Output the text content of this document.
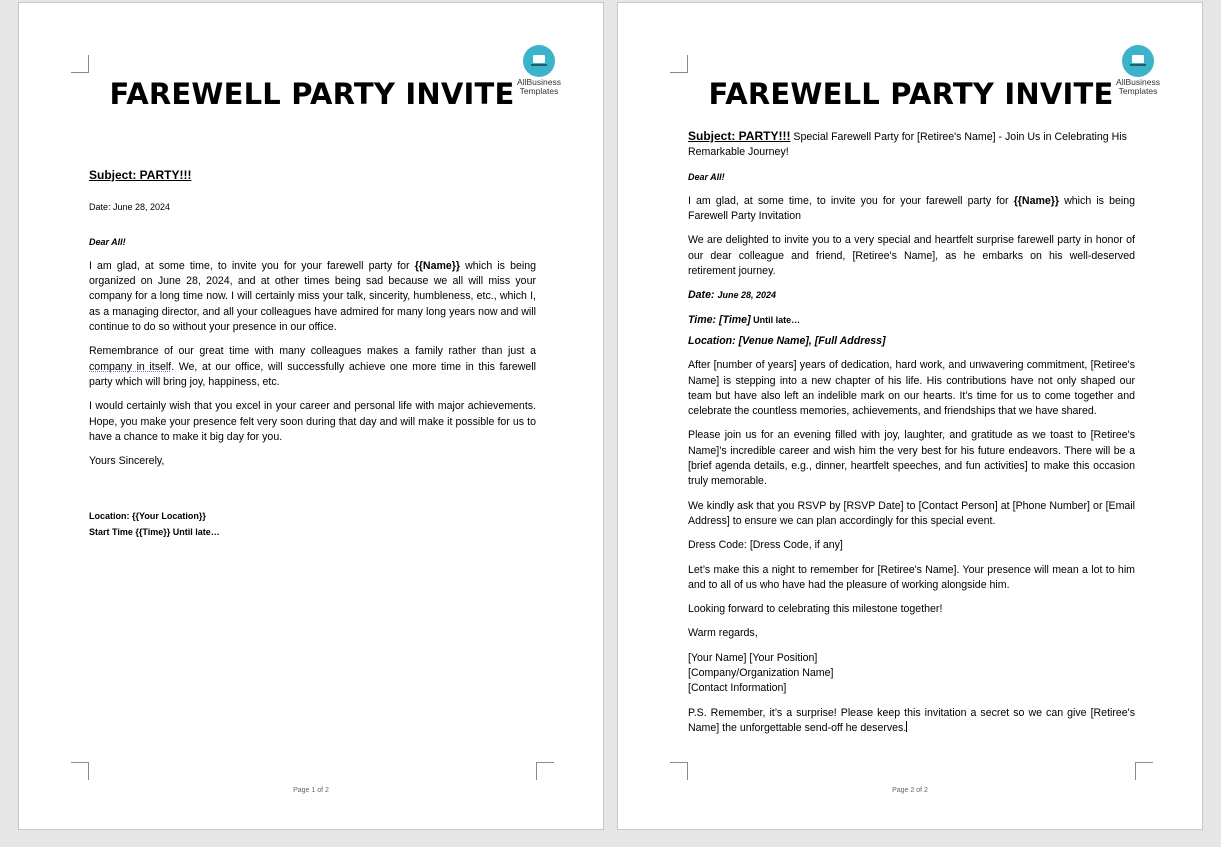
AllBusiness
Templates
FAREWELL PARTY INVITE

Subject: PARTY!!!

Date: June 28, 2024

Dear All!

I am glad, at some time, to invite you for your farewell party for {{Name}} which is being organized on June 28, 2024, and at other times being sad because we all will miss your company for a long time now. I will certainly miss your talk, sincerity, humbleness, etc., which I, as a managing director, and all your colleagues have admired for many long years now and will continue to do so without your presence in our office.

Remembrance of our great time with many colleagues makes a family rather than just a company in itself. We, at our office, will successfully achieve one more time in this farewell party which will bring joy, happiness, etc.

I would certainly wish that you excel in your career and personal life with major achievements. Hope, you make your presence felt very soon during that day and will make it possible for us to have a chance to make it big day for you.

Yours Sincerely,

Location: {{Your Location}}

Start Time {{Time}} Until late…

Page 1 of 2
AllBusiness
Templates
FAREWELL PARTY INVITE

Subject: PARTY!!! Special Farewell Party for [Retiree's Name] - Join Us in Celebrating His Remarkable Journey!

Dear All!

I am glad, at some time, to invite you for your farewell party for {{Name}} which is being Farewell Party Invitation

We are delighted to invite you to a very special and heartfelt surprise farewell party in honor of our dear colleague and friend, [Retiree's Name], as he embarks on his well-deserved retirement journey.

Date: June 28, 2024

Time: [Time] Until late…

Location: [Venue Name], [Full Address]

After [number of years] years of dedication, hard work, and unwavering commitment, [Retiree's Name] is stepping into a new chapter of his life. His contributions have not only shaped our team but have also left an indelible mark on our hearts. It’s time for us to come together and celebrate the countless memories, achievements, and friendships that we have shared.

Please join us for an evening filled with joy, laughter, and gratitude as we toast to [Retiree's Name]’s incredible career and wish him the very best for his future endeavors. There will be a [brief agenda details, e.g., dinner, heartfelt speeches, and fun activities] to make this occasion truly memorable.

We kindly ask that you RSVP by [RSVP Date] to [Contact Person] at [Phone Number] or [Email Address] to ensure we can plan accordingly for this special event.

Dress Code: [Dress Code, if any]

Let’s make this a night to remember for [Retiree's Name]. Your presence will mean a lot to him and to all of us who have had the pleasure of working alongside him.

Looking forward to celebrating this milestone together!

Warm regards,

[Your Name] [Your Position]

[Company/Organization Name]

[Contact Information]

P.S. Remember, it’s a surprise! Please keep this invitation a secret so we can give [Retiree's Name] the unforgettable send-off he deserves.

Page 2 of 2
